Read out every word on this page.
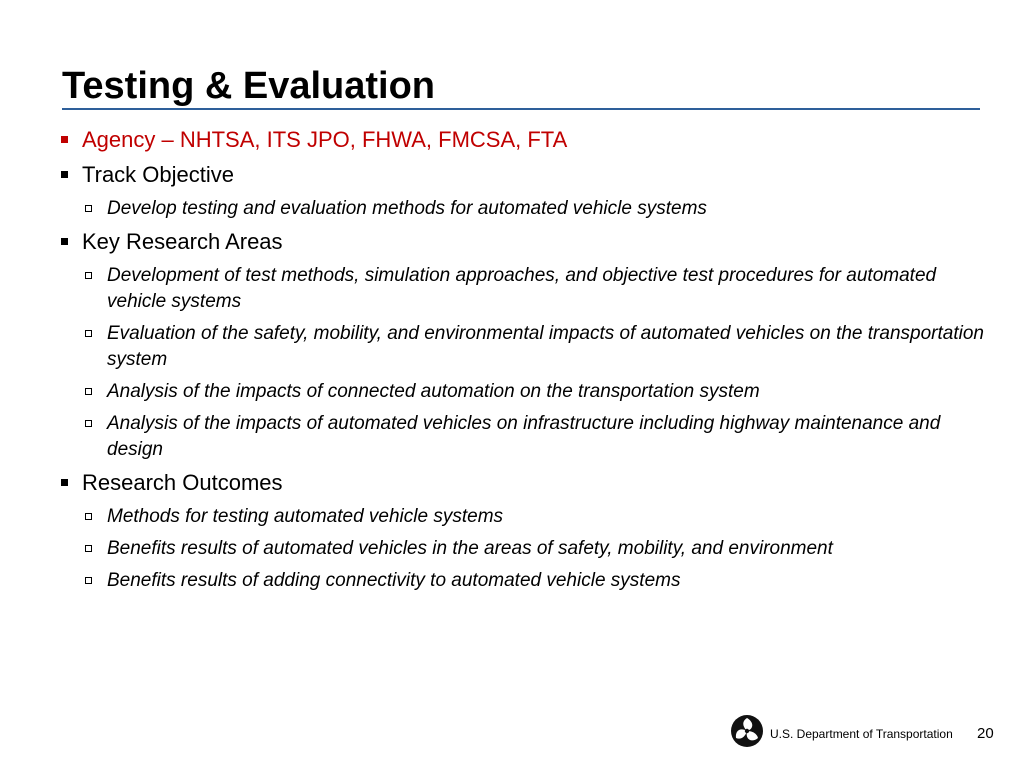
Testing & Evaluation
Agency – NHTSA, ITS JPO, FHWA, FMCSA, FTA
Track Objective
Develop testing and evaluation methods for automated vehicle systems
Key Research Areas
Development of test methods, simulation approaches, and objective test procedures for automated vehicle systems
Evaluation of the safety, mobility, and environmental impacts of automated vehicles on the transportation system
Analysis of the impacts of connected automation on the transportation system
Analysis of the impacts of automated vehicles on infrastructure including highway maintenance and design
Research Outcomes
Methods for testing automated vehicle systems
Benefits results of automated vehicles in the areas of safety, mobility, and environment
Benefits results of adding connectivity to automated vehicle systems
U.S. Department of Transportation 20
